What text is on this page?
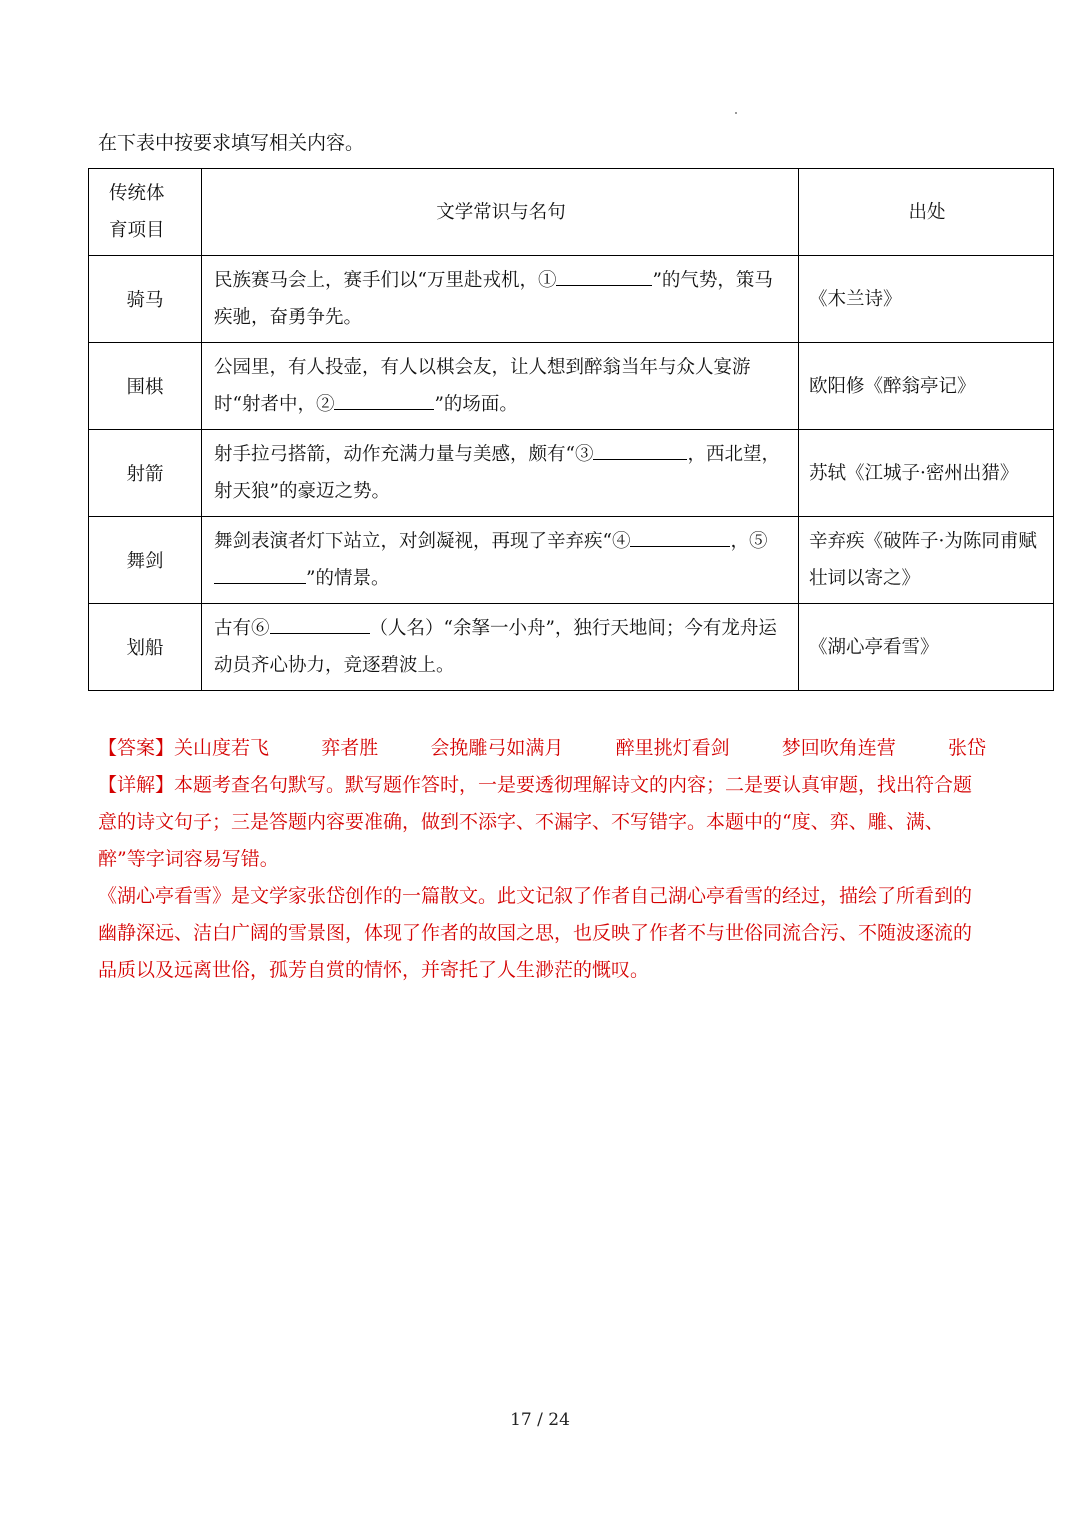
在下表中按要求填写相关内容。
传统体
育项目	文学常识与名句	出处
骑马	民族赛马会上，赛手们以“万里赴戎机，① ”的气势，策马疾驰，奋勇争先。	《木兰诗》
围棋	公园里，有人投壶，有人以棋会友，让人想到醉翁当年与众人宴游时“射者中，② ”的场面。	欧阳修《醉翁亭记》
射箭	射手拉弓搭箭，动作充满力量与美感，颇有“③ ，西北望，射天狼”的豪迈之势。	苏轼《江城子·密州出猎》
舞剑	舞剑表演者灯下站立，对剑凝视，再现了辛弃疾“④ ，⑤”的情景。	辛弃疾《破阵子·为陈同甫赋壮词以寄之》
划船	古有⑥ （人名）“余拏一小舟”，独行天地间；今有龙舟运动员齐心协力，竞逐碧波上。	《湖心亭看雪》
【答案】关山度若飞	弈者胜	会挽雕弓如满月	醉里挑灯看剑	梦回吹角连营	张岱
【详解】本题考查名句默写。默写题作答时，一是要透彻理解诗文的内容；二是要认真审题，找出符合题意的诗文句子；三是答题内容要准确，做到不添字、不漏字、不写错字。本题中的“度、弈、雕、满、醉”等字词容易写错。
《湖心亭看雪》是文学家张岱创作的一篇散文。此文记叙了作者自己湖心亭看雪的经过，描绘了所看到的幽静深远、洁白广阔的雪景图，体现了作者的故国之思，也反映了作者不与世俗同流合污、不随波逐流的品质以及远离世俗，孤芳自赏的情怀，并寄托了人生渺茫的慨叹。
17 / 24
